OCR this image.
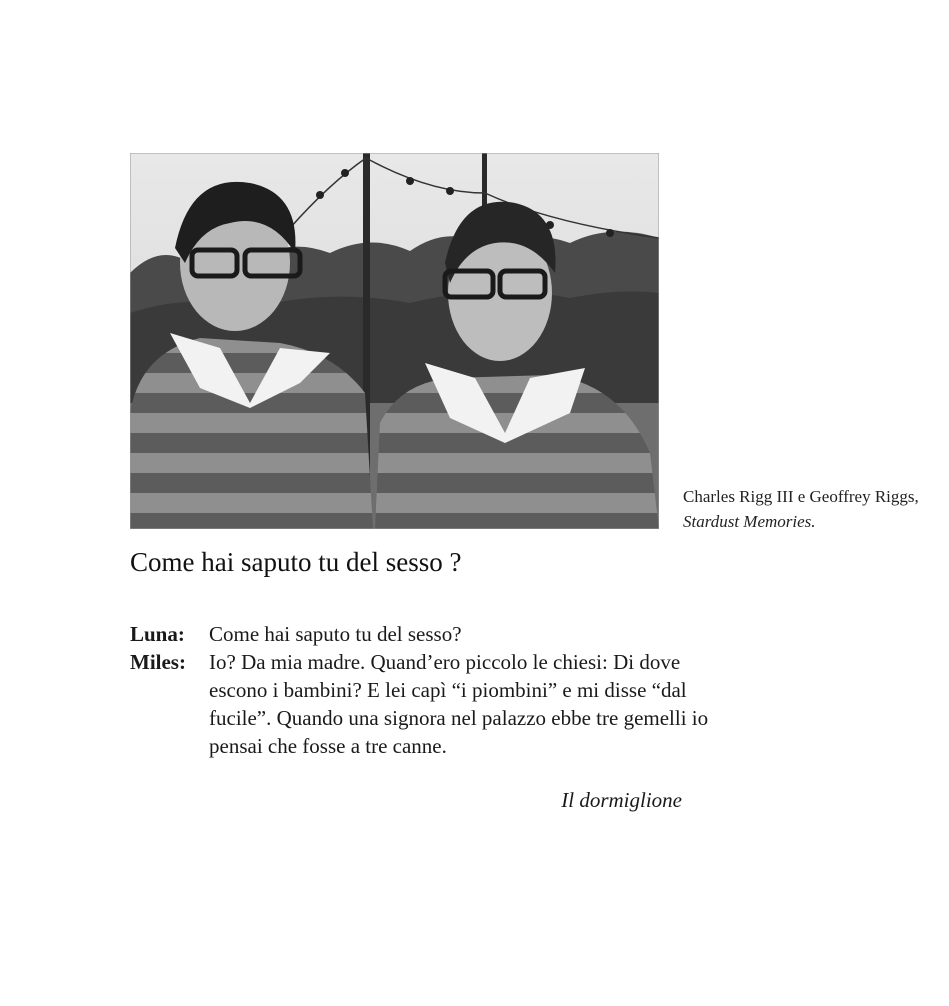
Charles Rigg III e Geoffrey Riggs, Stardust Memories.
Come hai saputo tu del sesso ?
Luna:	Come hai saputo tu del sesso?
Miles:	Io? Da mia madre. Quand’ero piccolo le chiesi: Di dove escono i bambini? E lei capì “i piombini” e mi disse “dal fucile”. Quando una signora nel palazzo ebbe tre gemelli io pensai che fosse a tre canne.
Il dormiglione
